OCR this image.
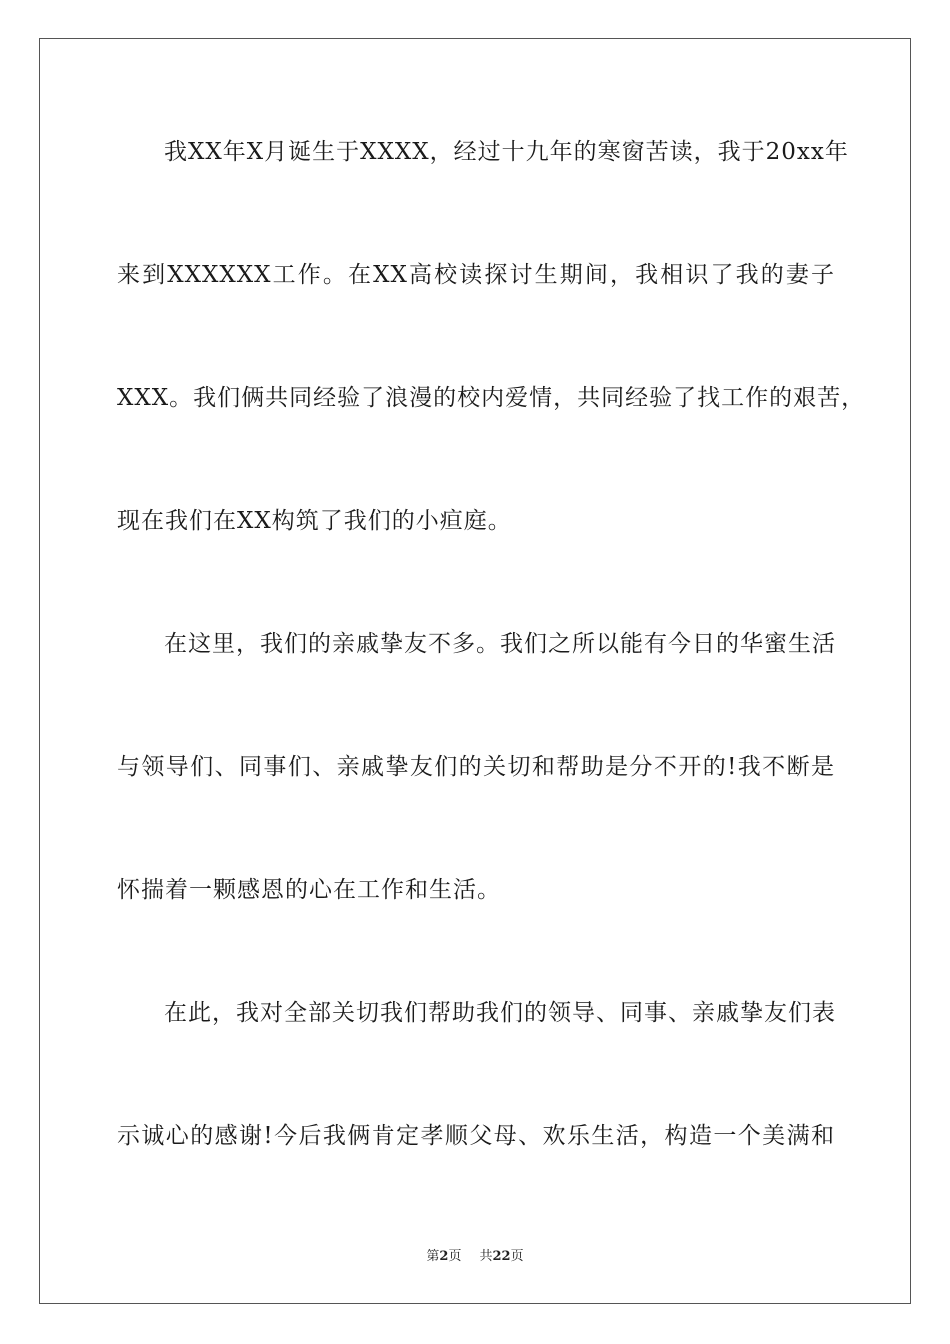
我XX年X月诞生于XXXX，经过十九年的寒窗苦读，我于20xx年
来到XXXXXX工作。在XX高校读探讨生期间，我相识了我的妻子
XXX。我们俩共同经验了浪漫的校内爱情，共同经验了找工作的艰苦，
现在我们在XX构筑了我们的小疸庭。
在这里，我们的亲戚挚友不多。我们之所以能有今日的华蜜生活
与领导们、同事们、亲戚挚友们的关切和帮助是分不开的!我不断是
怀揣着一颗感恩的心在工作和生活。
在此，我对全部关切我们帮助我们的领导、同事、亲戚挚友们表
示诚心的感谢!今后我俩肯定孝顺父母、欢乐生活，构造一个美满和
第2页 共22页
